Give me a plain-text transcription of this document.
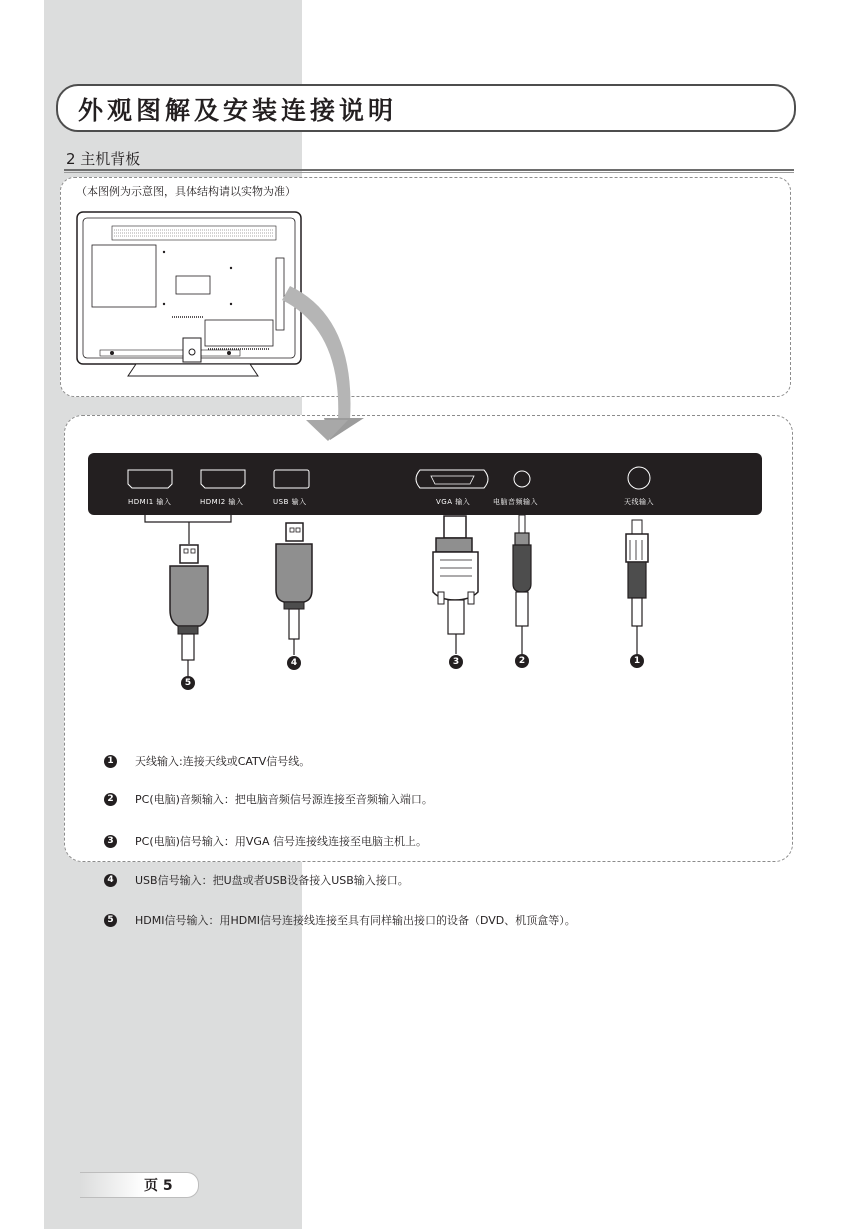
外观图解及安装连接说明
2 主机背板
（本图例为示意图，具体结构请以实物为准）
HDMI1 输入	HDMI2 输入	USB 输入	VGA 输入	电脑音频输入	天线输入
5
4	3	2	1
1	天线输入:连接天线或CATV信号线。
2	PC(电脑)音频输入：把电脑音频信号源连接至音频输入端口。
3	PC(电脑)信号输入：用VGA 信号连接线连接至电脑主机上。
4	USB信号输入：把U盘或者USB设备接入USB输入接口。
5	HDMI信号输入：用HDMI信号连接线连接至具有同样输出接口的设备（DVD、机顶盒等）。
页 5
